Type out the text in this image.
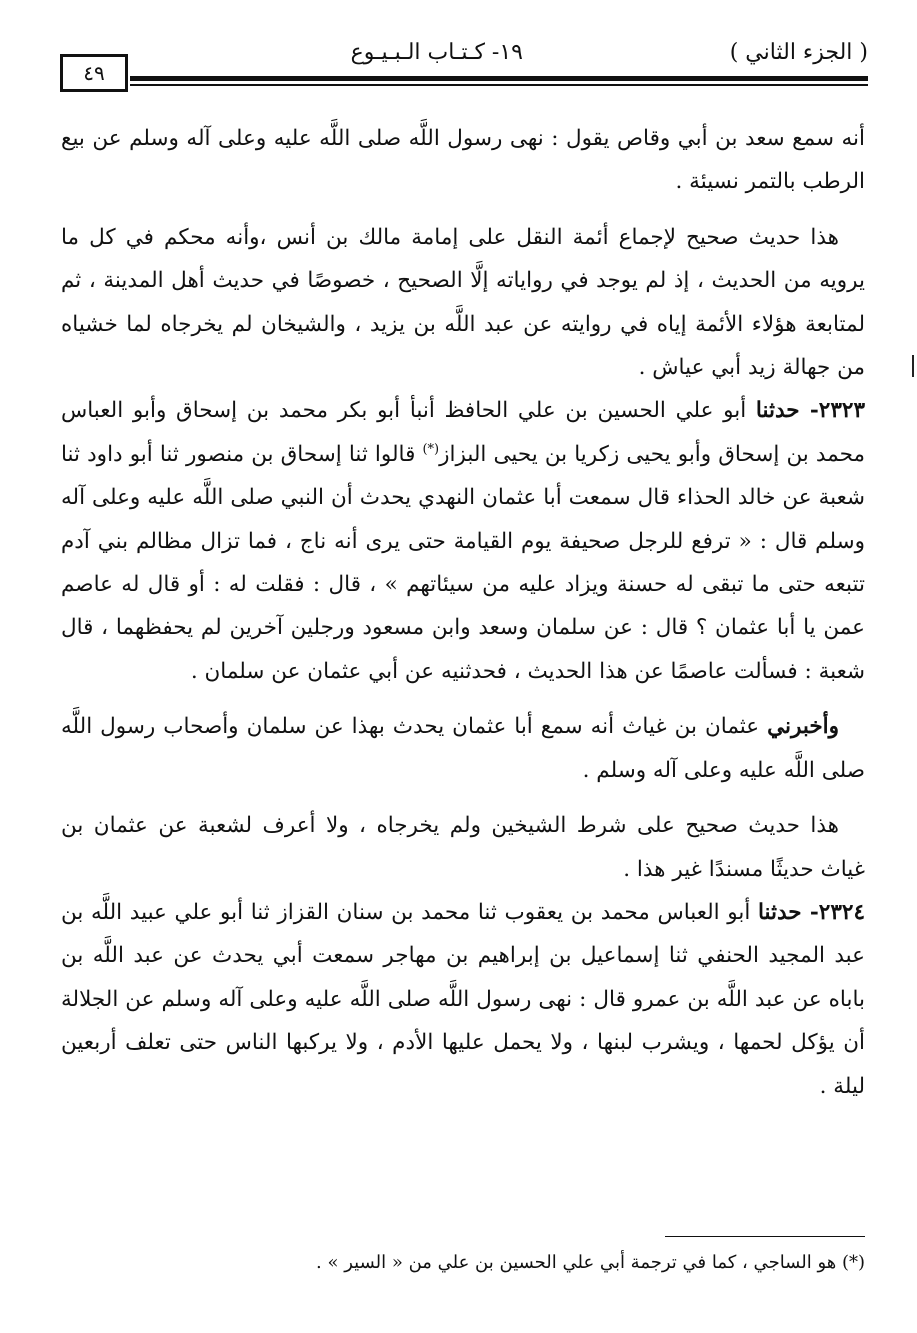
( الجزء الثاني )
١٩- كـتـاب الـبـيـوع
٤٩

أنه سمع سعد بن أبي وقاص يقول : نهى رسول اللَّه صلى اللَّه عليه وعلى آله وسلم عن بيع الرطب بالتمر نسيئة .

هذا حديث صحيح لإجماع أئمة النقل على إمامة مالك بن أنس ،وأنه محكم في كل ما يرويه من الحديث ، إذ لم يوجد في رواياته إلَّا الصحيح ، خصوصًا في حديث أهل المدينة ، ثم لمتابعة هؤلاء الأئمة إياه في روايته عن عبد اللَّه بن يزيد ، والشيخان لم يخرجاه لما خشياه من جهالة زيد أبي عياش .

٢٣٢٣- حدثنا أبو علي الحسين بن علي الحافظ أنبأ أبو بكر محمد بن إسحاق وأبو العباس محمد بن إسحاق وأبو يحيى زكريا بن يحيى البزاز(*) قالوا ثنا إسحاق بن منصور ثنا أبو داود ثنا شعبة عن خالد الحذاء قال سمعت أبا عثمان النهدي يحدث أن النبي صلى اللَّه عليه وعلى آله وسلم قال : « ترفع للرجل صحيفة يوم القيامة حتى يرى أنه ناج ، فما تزال مظالم بني آدم تتبعه حتى ما تبقى له حسنة ويزاد عليه من سيئاتهم » ، قال : فقلت له : أو قال له عاصم عمن يا أبا عثمان ؟ قال : عن سلمان وسعد وابن مسعود ورجلين آخرين لم يحفظهما ، قال شعبة : فسألت عاصمًا عن هذا الحديث ، فحدثنيه عن أبي عثمان عن سلمان .

وأخبرني عثمان بن غياث أنه سمع أبا عثمان يحدث بهذا عن سلمان وأصحاب رسول اللَّه صلى اللَّه عليه وعلى آله وسلم .

هذا حديث صحيح على شرط الشيخين ولم يخرجاه ، ولا أعرف لشعبة عن عثمان بن غياث حديثًا مسندًا غير هذا .

٢٣٢٤- حدثنا أبو العباس محمد بن يعقوب ثنا محمد بن سنان القزاز ثنا أبو علي عبيد اللَّه بن عبد المجيد الحنفي ثنا إسماعيل بن إبراهيم بن مهاجر سمعت أبي يحدث عن عبد اللَّه بن باباه عن عبد اللَّه بن عمرو قال : نهى رسول اللَّه صلى اللَّه عليه وعلى آله وسلم عن الجلالة أن يؤكل لحمها ، ويشرب لبنها ، ولا يحمل عليها الأدم ، ولا يركبها الناس حتى تعلف أربعين ليلة .

(*) هو الساجي ، كما في ترجمة أبي علي الحسين بن علي من « السير » .
